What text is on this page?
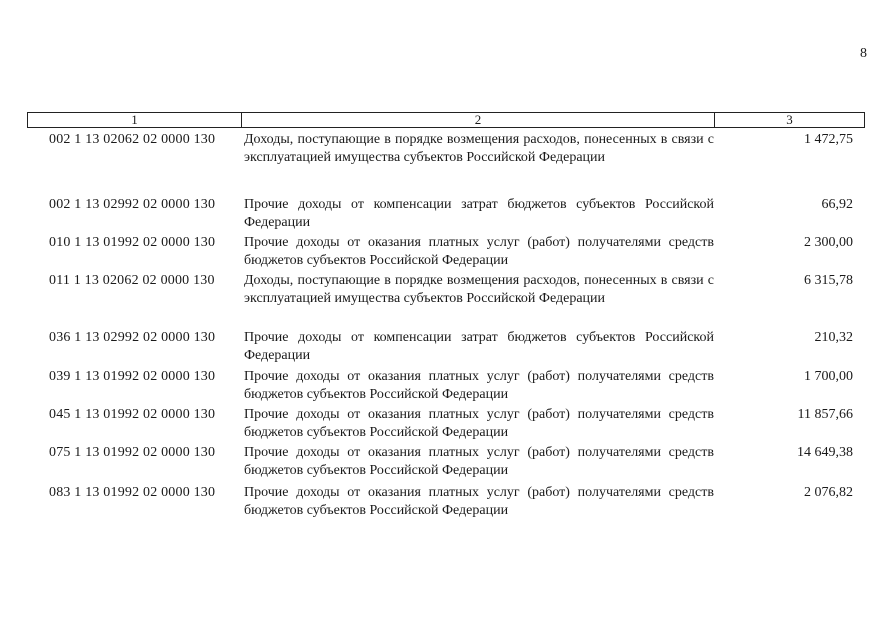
8
1	2	3
002 1 13 02062 02 0000 130 Доходы, поступающие в порядке возмещения расходов, понесенных в связи с эксплуатацией имущества субъектов Российской Федерации
1 472,75
002 1 13 02992 02 0000 130 Прочие доходы от компенсации затрат бюджетов субъектов Российской Федерации
66,92
010 1 13 01992 02 0000 130 Прочие доходы от оказания платных услуг (работ) получателями средств бюджетов субъектов Российской Федерации
2 300,00
011 1 13 02062 02 0000 130 Доходы, поступающие в порядке возмещения расходов, понесенных в связи с эксплуатацией имущества субъектов Российской Федерации
6 315,78
036 1 13 02992 02 0000 130 Прочие доходы от компенсации затрат бюджетов субъектов Российской Федерации
210,32
039 1 13 01992 02 0000 130 Прочие доходы от оказания платных услуг (работ) получателями средств бюджетов субъектов Российской Федерации
1 700,00
045 1 13 01992 02 0000 130 Прочие доходы от оказания платных услуг (работ) получателями средств бюджетов субъектов Российской Федерации
11 857,66
075 1 13 01992 02 0000 130 Прочие доходы от оказания платных услуг (работ) получателями средств бюджетов субъектов Российской Федерации
14 649,38
083 1 13 01992 02 0000 130 Прочие доходы от оказания платных услуг (работ) получателями средств бюджетов субъектов Российской Федерации
2 076,82
